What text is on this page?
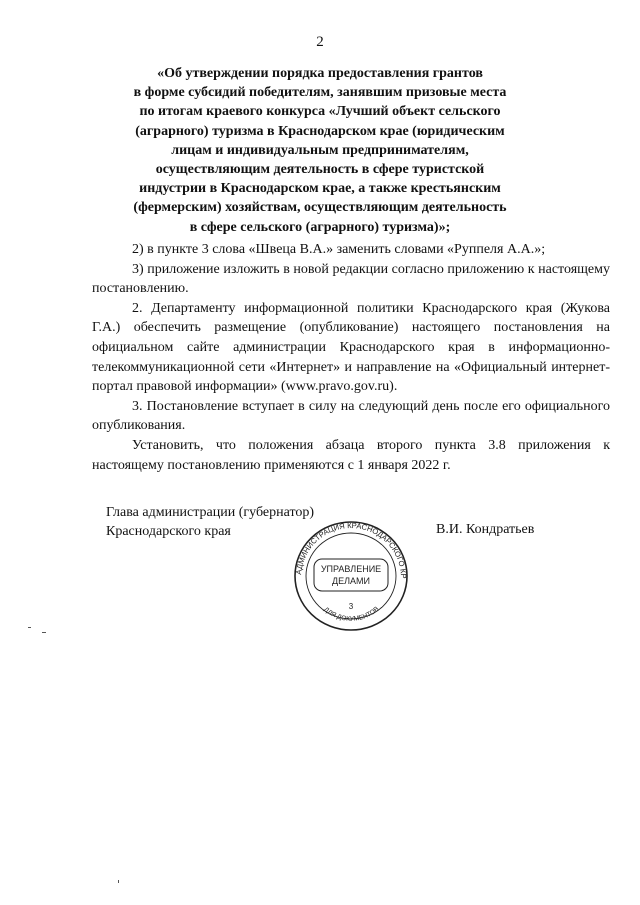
2
«Об утверждении порядка предоставления грантов
в форме субсидий победителям, занявшим призовые места
по итогам краевого конкурса «Лучший объект сельского
(аграрного) туризма в Краснодарском крае (юридическим
лицам и индивидуальным предпринимателям,
осуществляющим деятельность в сфере туристской
индустрии в Краснодарском крае, а также крестьянским
(фермерским) хозяйствам, осуществляющим деятельность
в сфере сельского (аграрного) туризма)»;

2) в пункте 3 слова «Швеца В.А.» заменить словами «Руппеля А.А.»;

3) приложение изложить в новой редакции согласно приложению к настоящему постановлению.

2. Департаменту информационной политики Краснодарского края (Жукова Г.А.) обеспечить размещение (опубликование) настоящего постановления на официальном сайте администрации Краснодарского края в информационно-телекоммуникационной сети «Интернет» и направление на «Официальный интернет-портал правовой информации» (www.pravo.gov.ru).

3. Постановление вступает в силу на следующий день после его официального опубликования.

Установить, что положения абзаца второго пункта 3.8 приложения к настоящему постановлению применяются с 1 января 2022 г.

Глава администрации (губернатор)
Краснодарского края	В.И. Кондратьев
АДМИНИСТРАЦИЯ КРАСНОДАРСКОГО КР
ДЛЯ ДОКУМЕНТОВ
УПРАВЛЕНИЕ
ДЕЛАМИ
3
